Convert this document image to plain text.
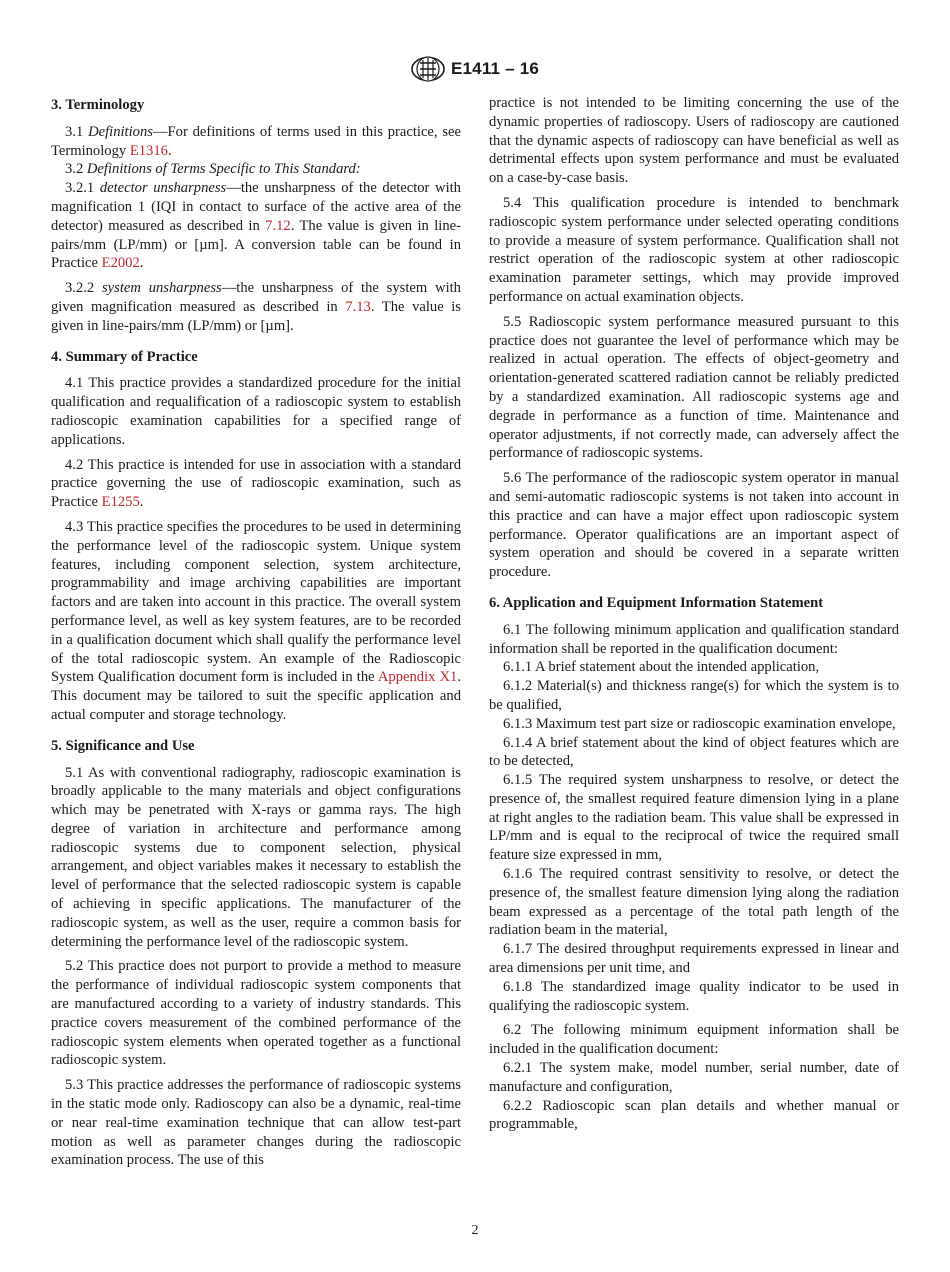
E1411 – 16
3. Terminology

3.1 Definitions—For definitions of terms used in this practice, see Terminology E1316.

3.2 Definitions of Terms Specific to This Standard:

3.2.1 detector unsharpness—the unsharpness of the detector with magnification 1 (IQI in contact to surface of the active area of the detector) measured as described in 7.12. The value is given in line-pairs/mm (LP/mm) or [µm]. A conversion table can be found in Practice E2002.

3.2.2 system unsharpness—the unsharpness of the system with given magnification measured as described in 7.13. The value is given in line-pairs/mm (LP/mm) or [µm].

4. Summary of Practice

4.1 This practice provides a standardized procedure for the initial qualification and requalification of a radioscopic system to establish radioscopic examination capabilities for a specified range of applications.

4.2 This practice is intended for use in association with a standard practice governing the use of radioscopic examination, such as Practice E1255.

4.3 This practice specifies the procedures to be used in determining the performance level of the radioscopic system. Unique system features, including component selection, system architecture, programmability and image archiving capabilities are important factors and are taken into account in this practice. The overall system performance level, as well as key system features, are to be recorded in a qualification document which shall qualify the performance level of the total radioscopic system. An example of the Radioscopic System Qualification document form is included in the Appendix X1. This document may be tailored to suit the specific application and actual computer and storage technology.

5. Significance and Use

5.1 As with conventional radiography, radioscopic examination is broadly applicable to the many materials and object configurations which may be penetrated with X-rays or gamma rays. The high degree of variation in architecture and performance among radioscopic systems due to component selection, physical arrangement, and object variables makes it necessary to establish the level of performance that the selected radioscopic system is capable of achieving in specific applications. The manufacturer of the radioscopic system, as well as the user, require a common basis for determining the performance level of the radioscopic system.

5.2 This practice does not purport to provide a method to measure the performance of individual radioscopic system components that are manufactured according to a variety of industry standards. This practice covers measurement of the combined performance of the radioscopic system elements when operated together as a functional radioscopic system.

5.3 This practice addresses the performance of radioscopic systems in the static mode only. Radioscopy can also be a dynamic, real-time or near real-time examination technique that can allow test-part motion as well as parameter changes during the radioscopic examination process. The use of this

practice is not intended to be limiting concerning the use of the dynamic properties of radioscopy. Users of radioscopy are cautioned that the dynamic aspects of radioscopy can have beneficial as well as detrimental effects upon system performance and must be evaluated on a case-by-case basis.

5.4 This qualification procedure is intended to benchmark radioscopic system performance under selected operating conditions to provide a measure of system performance. Qualification shall not restrict operation of the radioscopic system at other radioscopic examination parameter settings, which may provide improved performance on actual examination objects.

5.5 Radioscopic system performance measured pursuant to this practice does not guarantee the level of performance which may be realized in actual operation. The effects of object-geometry and orientation-generated scattered radiation cannot be reliably predicted by a standardized examination. All radioscopic systems age and degrade in performance as a function of time. Maintenance and operator adjustments, if not correctly made, can adversely affect the performance of radioscopic systems.

5.6 The performance of the radioscopic system operator in manual and semi-automatic radioscopic systems is not taken into account in this practice and can have a major effect upon radioscopic system performance. Operator qualifications are an important aspect of system operation and should be covered in a separate written procedure.

6. Application and Equipment Information Statement

6.1 The following minimum application and qualification standard information shall be reported in the qualification document:

6.1.1 A brief statement about the intended application,

6.1.2 Material(s) and thickness range(s) for which the system is to be qualified,

6.1.3 Maximum test part size or radioscopic examination envelope,

6.1.4 A brief statement about the kind of object features which are to be detected,

6.1.5 The required system unsharpness to resolve, or detect the presence of, the smallest required feature dimension lying in a plane at right angles to the radiation beam. This value shall be expressed in LP/mm and is equal to the reciprocal of twice the required small feature size expressed in mm,

6.1.6 The required contrast sensitivity to resolve, or detect the presence of, the smallest feature dimension lying along the radiation beam expressed as a percentage of the total path length of the radiation beam in the material,

6.1.7 The desired throughput requirements expressed in linear and area dimensions per unit time, and

6.1.8 The standardized image quality indicator to be used in qualifying the radioscopic system.

6.2 The following minimum equipment information shall be included in the qualification document:

6.2.1 The system make, model number, serial number, date of manufacture and configuration,

6.2.2 Radioscopic scan plan details and whether manual or programmable,

2
